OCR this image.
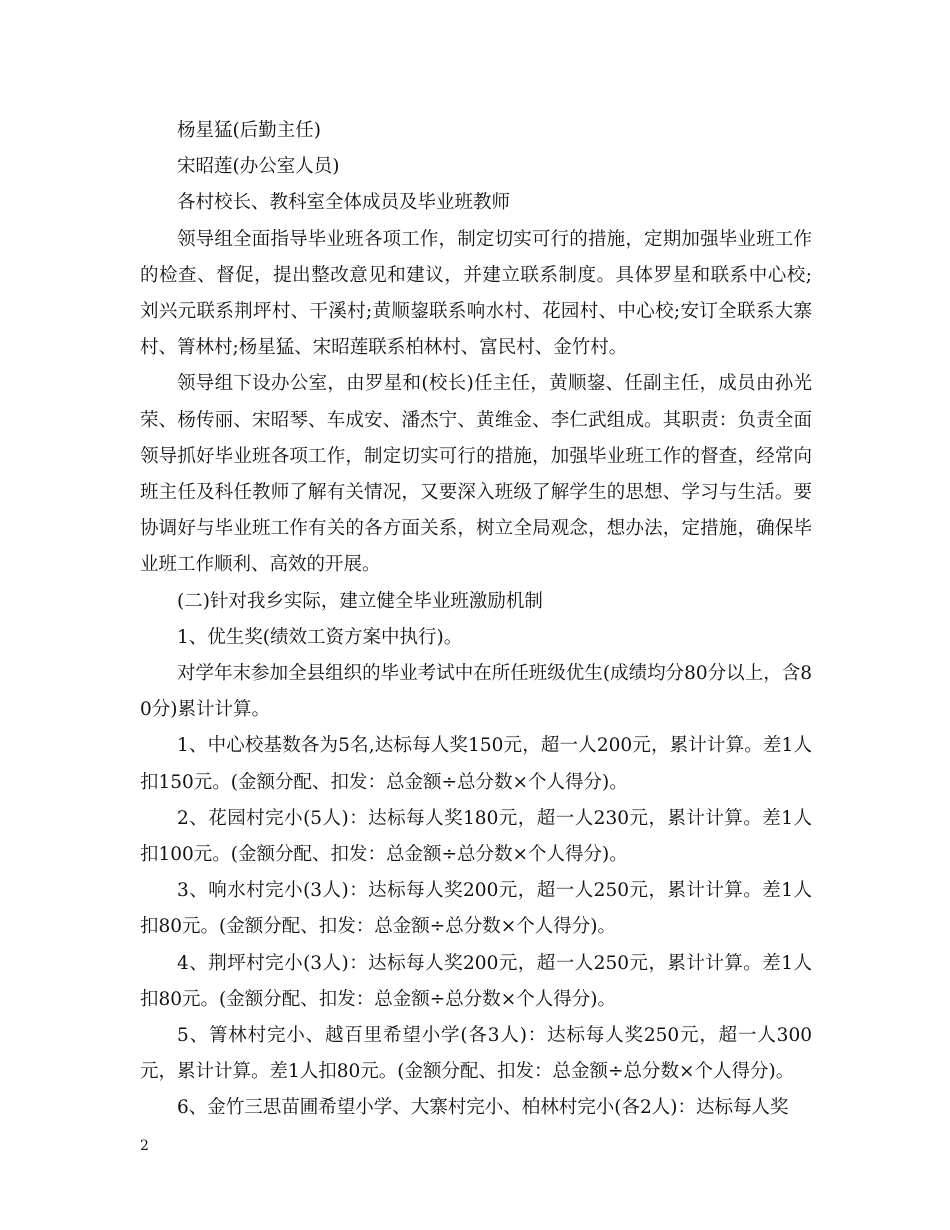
杨星猛(后勤主任)

宋昭莲(办公室人员)

各村校长、教科室全体成员及毕业班教师

领导组全面指导毕业班各项工作，制定切实可行的措施，定期加强毕业班工作的检查、督促，提出整改意见和建议，并建立联系制度。具体罗星和联系中心校;刘兴元联系荆坪村、干溪村;黄顺鋆联系响水村、花园村、中心校;安订全联系大寨村、箐林村;杨星猛、宋昭莲联系柏林村、富民村、金竹村。

领导组下设办公室，由罗星和(校长)任主任，黄顺鋆、任副主任，成员由孙光荣、杨传丽、宋昭琴、车成安、潘杰宁、黄维金、李仁武组成。其职责：负责全面领导抓好毕业班各项工作，制定切实可行的措施，加强毕业班工作的督查，经常向班主任及科任教师了解有关情况，又要深入班级了解学生的思想、学习与生活。要协调好与毕业班工作有关的各方面关系，树立全局观念，想办法，定措施，确保毕业班工作顺利、高效的开展。

(二)针对我乡实际，建立健全毕业班激励机制

1、优生奖(绩效工资方案中执行)。

对学年末参加全县组织的毕业考试中在所任班级优生(成绩均分80分以上，含80分)累计计算。

1、中心校基数各为5名,达标每人奖150元，超一人200元，累计计算。差1人扣150元。(金额分配、扣发：总金额÷总分数×个人得分)。

2、花园村完小(5人)：达标每人奖180元，超一人230元，累计计算。差1人扣100元。(金额分配、扣发：总金额÷总分数×个人得分)。

3、响水村完小(3人)：达标每人奖200元，超一人250元，累计计算。差1人扣80元。(金额分配、扣发：总金额÷总分数×个人得分)。

4、荆坪村完小(3人)：达标每人奖200元，超一人250元，累计计算。差1人扣80元。(金额分配、扣发：总金额÷总分数×个人得分)。

5、箐林村完小、越百里希望小学(各3人)：达标每人奖250元，超一人300元，累计计算。差1人扣80元。(金额分配、扣发：总金额÷总分数×个人得分)。

6、金竹三思苗圃希望小学、大寨村完小、柏林村完小(各2人)：达标每人奖

2
